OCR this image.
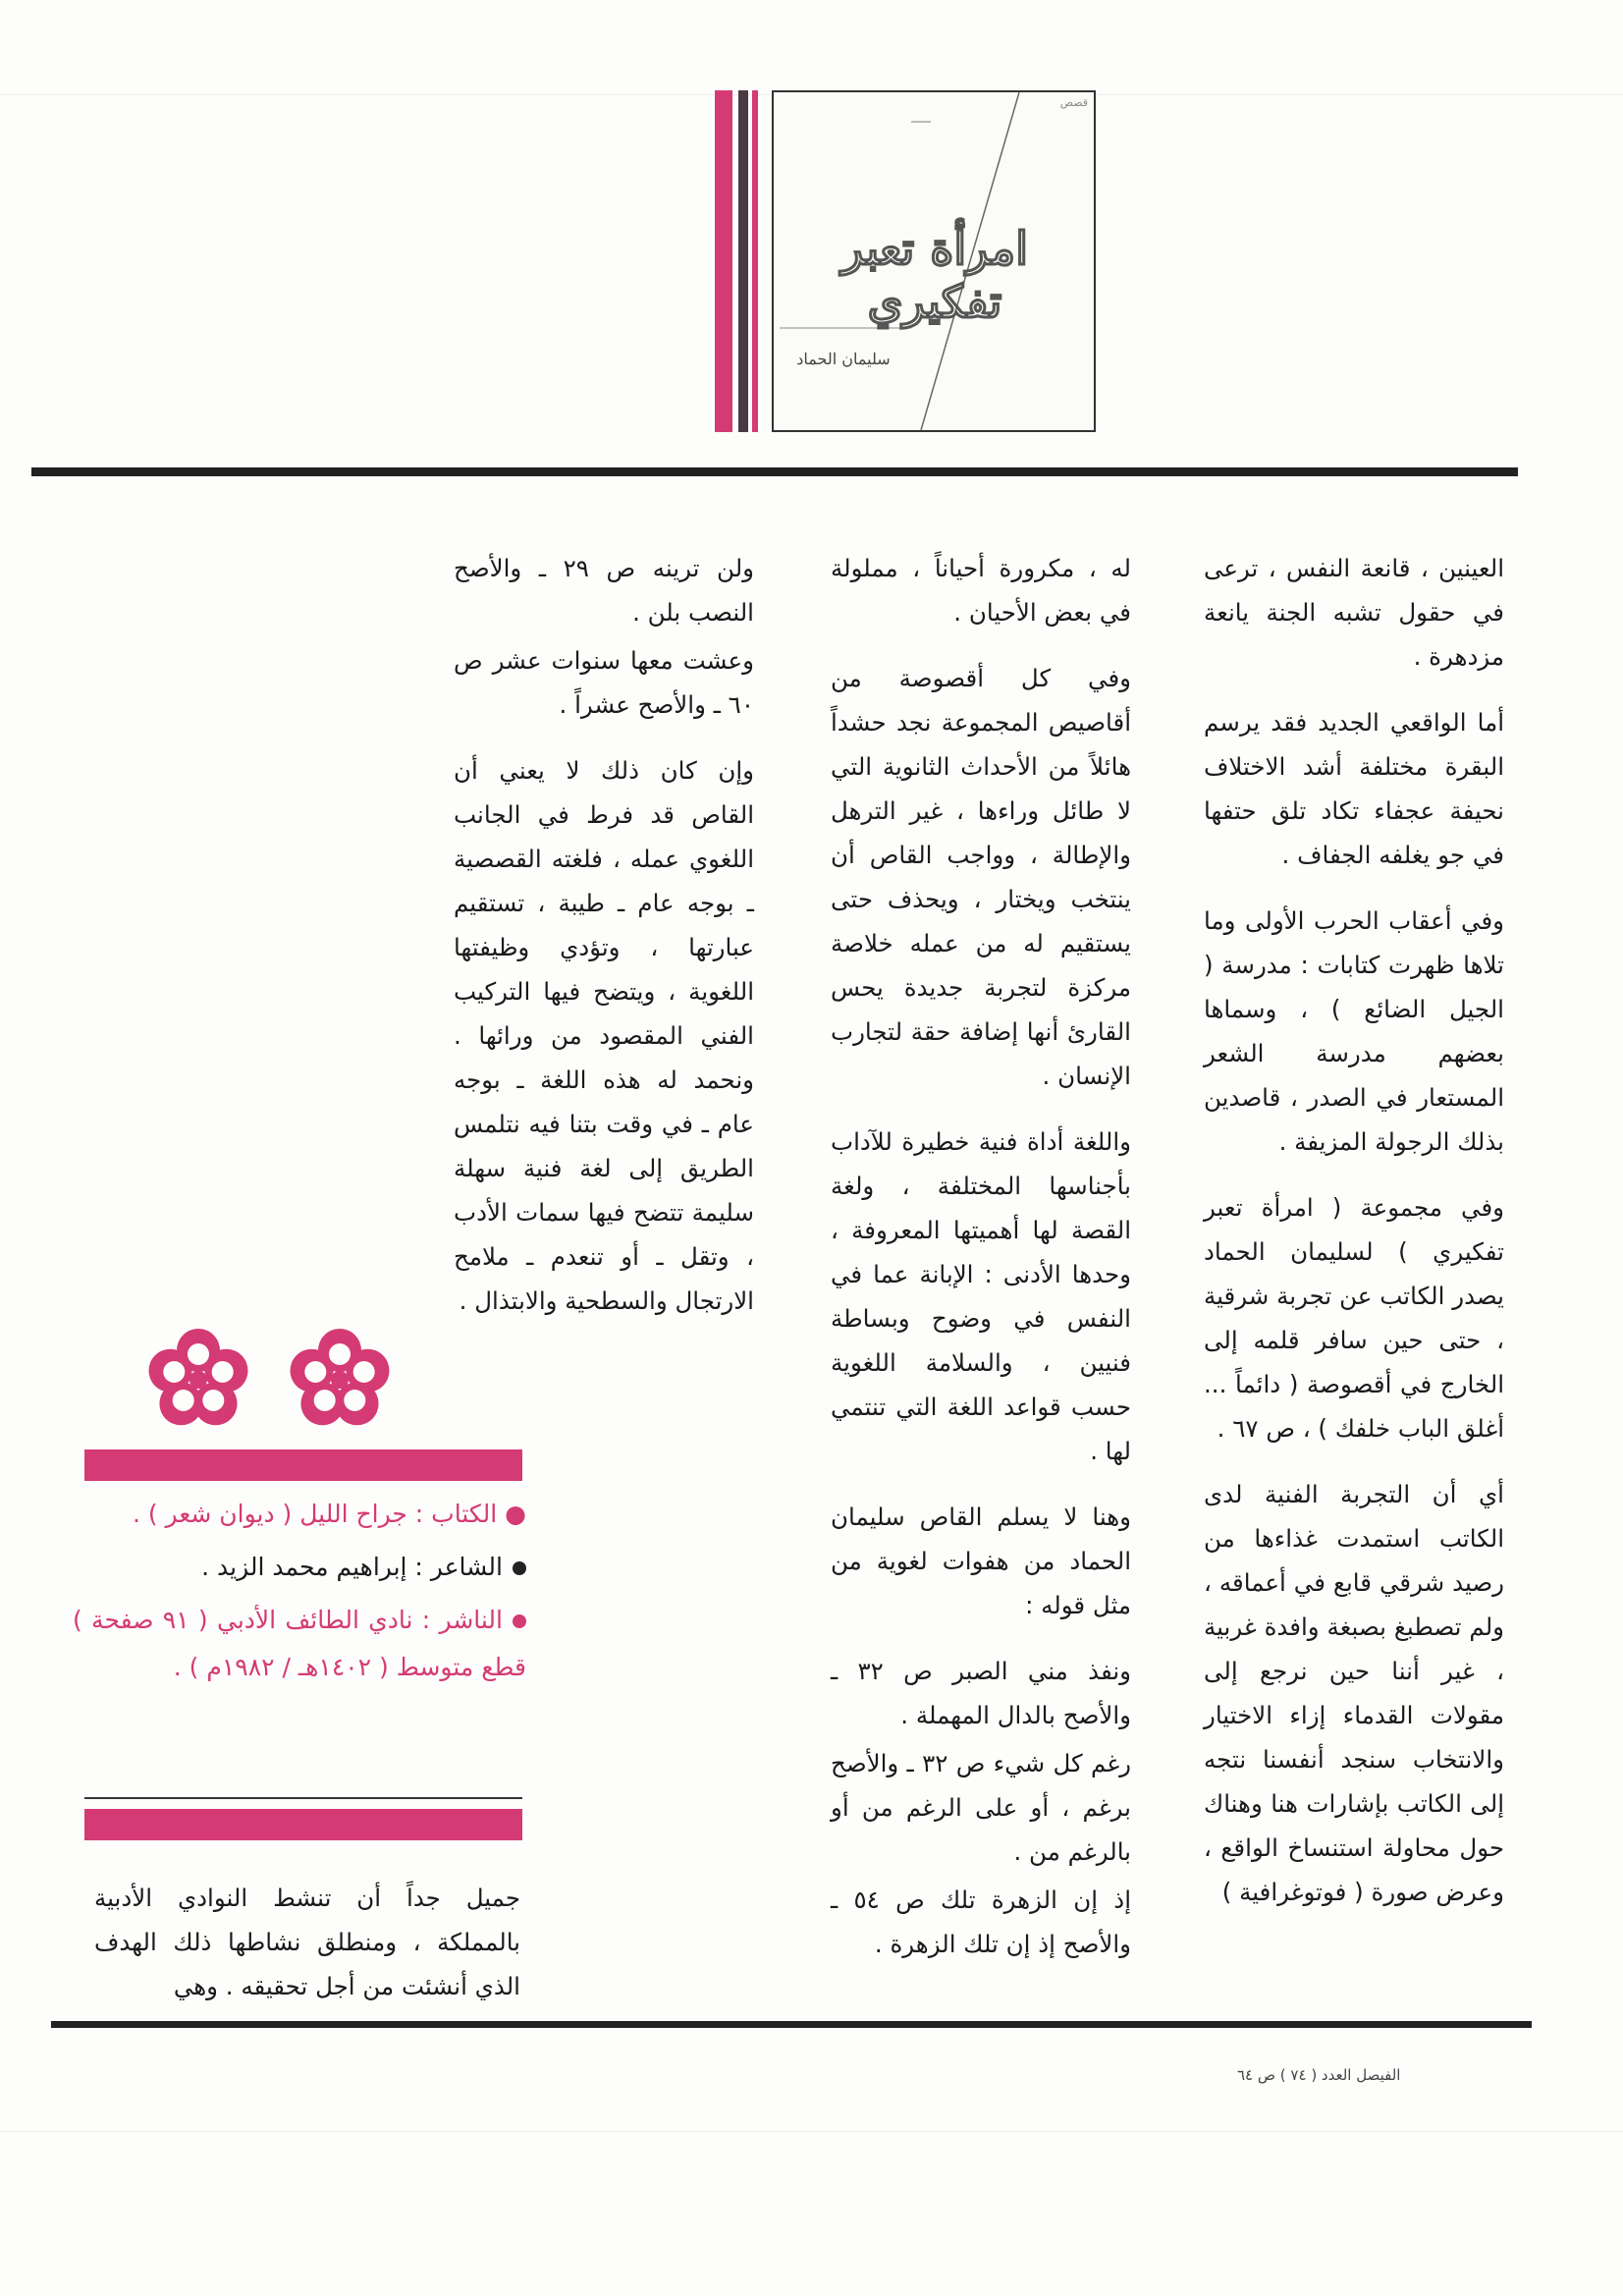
قصص
امرأة تعبر تفكيري
سليمان الحماد

العينين ، قانعة النفس ، ترعى في حقول تشبه الجنة يانعة مزدهرة .

أما الواقعي الجديد فقد يرسم البقرة مختلفة أشد الاختلاف نحيفة عجفاء تكاد تلق حتفها في جو يغلفه الجفاف .

وفي أعقاب الحرب الأولى وما تلاها ظهرت كتابات : مدرسة ( الجيل الضائع ) ، وسماها بعضهم مدرسة الشعر المستعار في الصدر ، قاصدين بذلك الرجولة المزيفة .

وفي مجموعة ( امرأة تعبر تفكيري ) لسليمان الحماد يصدر الكاتب عن تجربة شرقية ، حتى حين سافر قلمه إلى الخارج في أقصوصة ( دائماً ... أغلق الباب خلفك ) ، ص ٦٧ .

أي أن التجربة الفنية لدى الكاتب استمدت غذاءها من رصيد شرقي قابع في أعماقه ، ولم تصطبغ بصبغة وافدة غربية ، غير أننا حين نرجع إلى مقولات القدماء إزاء الاختيار والانتخاب سنجد أنفسنا نتجه إلى الكاتب بإشارات هنا وهناك حول محاولة استنساخ الواقع ، وعرض صورة ( فوتوغرافية )

له ، مكرورة أحياناً ، مملولة في بعض الأحيان .

وفي كل أقصوصة من أقاصيص المجموعة نجد حشداً هائلاً من الأحداث الثانوية التي لا طائل وراءها ، غير الترهل والإطالة ، وواجب القاص أن ينتخب ويختار ، ويحذف حتى يستقيم له من عمله خلاصة مركزة لتجربة جديدة يحس القارئ أنها إضافة حقة لتجارب الإنسان .

واللغة أداة فنية خطيرة للآداب بأجناسها المختلفة ، ولغة القصة لها أهميتها المعروفة ، وحدها الأدنى : الإبانة عما في النفس في وضوح وبساطة فنيين ، والسلامة اللغوية حسب قواعد اللغة التي تنتمي لها .

وهنا لا يسلم القاص سليمان الحماد من هفوات لغوية من مثل قوله :

ونفذ مني الصبر ص ٣٢ ـ والأصح بالدال المهملة .

رغم كل شيء ص ٣٢ ـ والأصح برغم ، أو على الرغم من أو بالرغم من .

إذ إن الزهرة تلك ص ٥٤ ـ والأصح إذ إن تلك الزهرة .

ولن ترينه ص ٢٩ ـ والأصح النصب بلن .

وعشت معها سنوات عشر ص ٦٠ ـ والأصح عشراً .

وإن كان ذلك لا يعني أن القاص قد فرط في الجانب اللغوي عمله ، فلغته القصصية ـ بوجه عام ـ طيبة ، تستقيم عبارتها ، وتؤدي وظيفتها اللغوية ، ويتضح فيها التركيب الفني المقصود من ورائها . ونحمد له هذه اللغة ـ بوجه عام ـ في وقت بتنا فيه نتلمس الطريق إلى لغة فنية سهلة سليمة تتضح فيها سمات الأدب ، وتقل ـ أو تنعدم ـ ملامح الارتجال والسطحية والابتذال .

● الكتاب : جراح الليل ( ديوان شعر ) .
الشاعر : إبراهيم محمد الزيد .
الناشر : نادي الطائف الأدبي ( ٩١ صفحة ) قطع متوسط ( ١٤٠٢هـ / ١٩٨٢م ) .

جميل جداً أن تنشط النوادي الأدبية بالمملكة ، ومنطلق نشاطها ذلك الهدف الذي أنشئت من أجل تحقيقه . وهي

الفيصل العدد ( ٧٤ ) ص ٦٤
